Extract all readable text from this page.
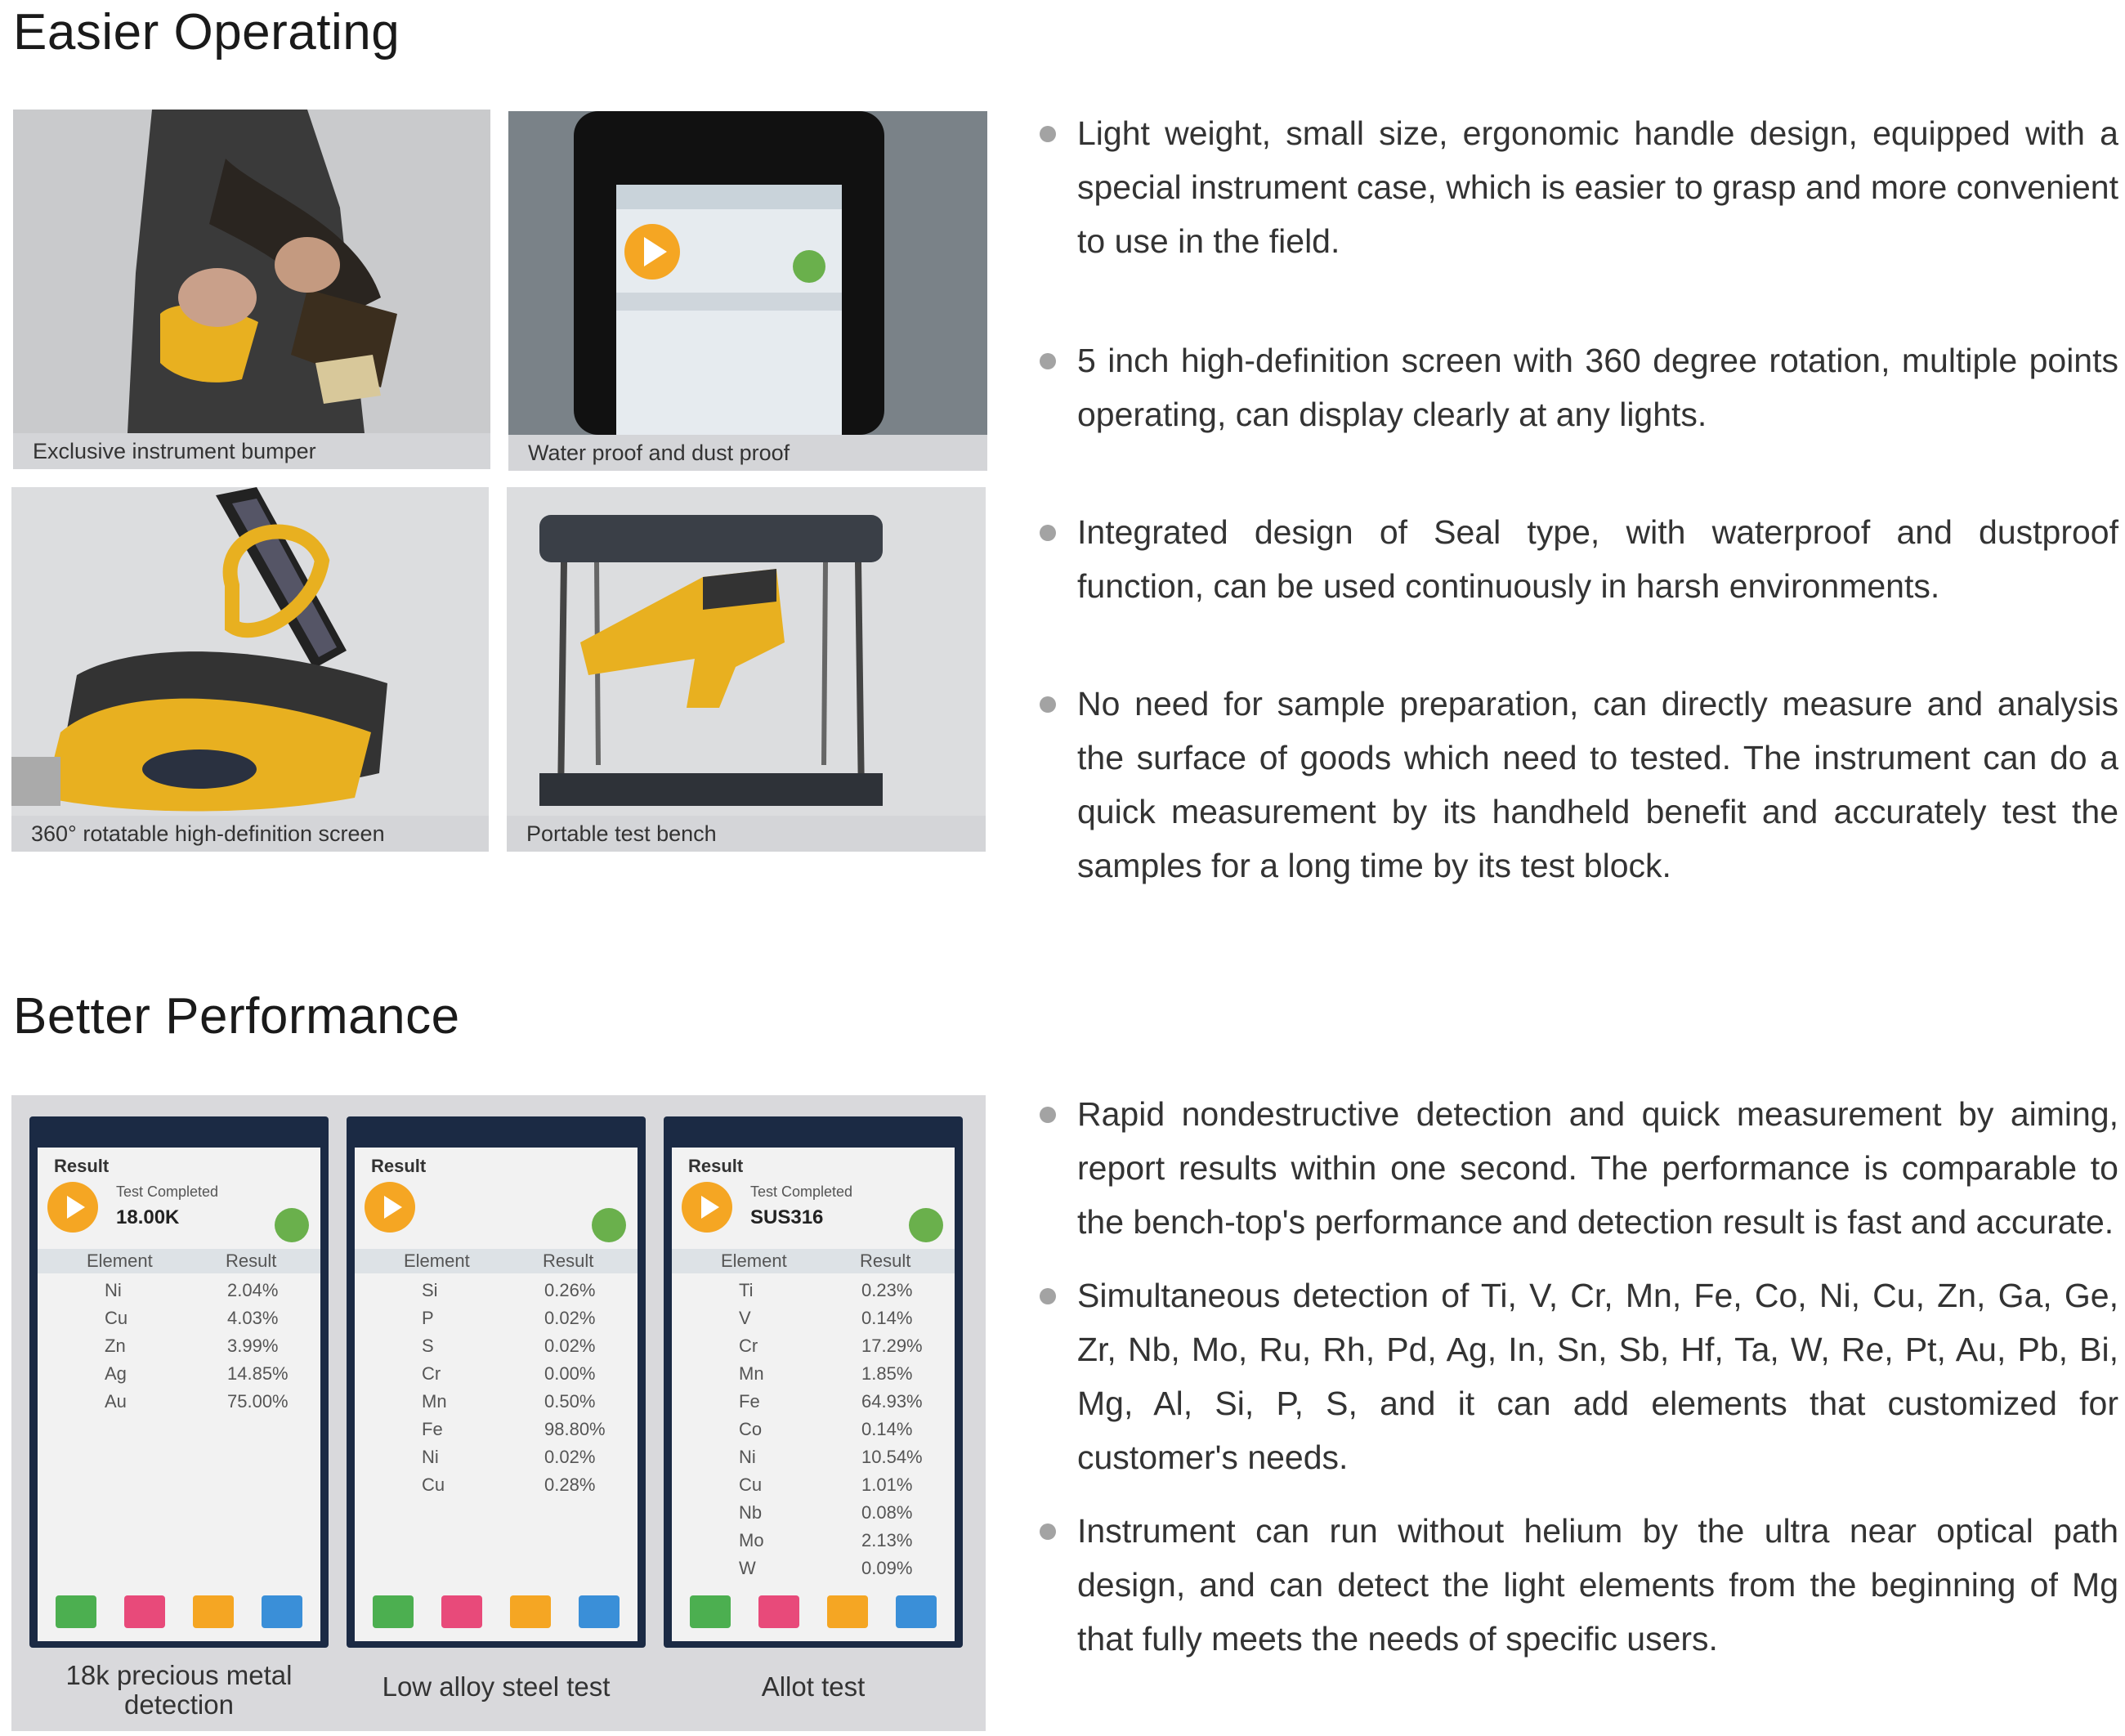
Easier Operating
Exclusive instrument bumper	Water proof and dust proof
360° rotatable high-definition screen	Portable test bench
Light weight, small size, ergonomic handle design, equipped with a special instrument case, which is easier to grasp and more convenient to use in the field.
5 inch high-definition screen with 360 degree rotation, multiple points operating, can display clearly at any lights.
Integrated design of Seal type, with waterproof and dustproof function, can be used continuously in harsh environments.
No need for sample preparation, can directly measure and analysis the surface of goods which need to tested. The instrument can do a quick measurement by its handheld benefit and accurately test the samples for a long time by its test block.
Better Performance
Result
Test Completed
18.00K
Element	Result
Ni	2.04%
Cu	4.03%
Zn	3.99%
Ag	14.85%
Au	75.00%
18k precious metal detection
Result
Element	Result
Si	0.26%
P	0.02%
S	0.02%
Cr	0.00%
Mn	0.50%
Fe	98.80%
Ni	0.02%
Cu	0.28%
Low alloy steel test
Result
Test Completed
SUS316
Element	Result
Ti	0.23%
V	0.14%
Cr	17.29%
Mn	1.85%
Fe	64.93%
Co	0.14%
Ni	10.54%
Cu	1.01%
Nb	0.08%
Mo	2.13%
W	0.09%
Allot test
Rapid nondestructive detection and quick measurement by aiming, report results within one second. The performance is comparable to the bench-top's performance and detection result is fast and accurate.
Simultaneous detection of Ti, V, Cr, Mn, Fe, Co, Ni, Cu, Zn, Ga, Ge, Zr, Nb, Mo, Ru, Rh, Pd, Ag, In, Sn, Sb, Hf, Ta, W, Re, Pt, Au, Pb, Bi, Mg, Al, Si, P, S, and it can add elements that customized for customer's needs.
Instrument can run without helium by the ultra near optical path design, and can detect the light elements from the beginning of Mg that fully meets the needs of specific users.
